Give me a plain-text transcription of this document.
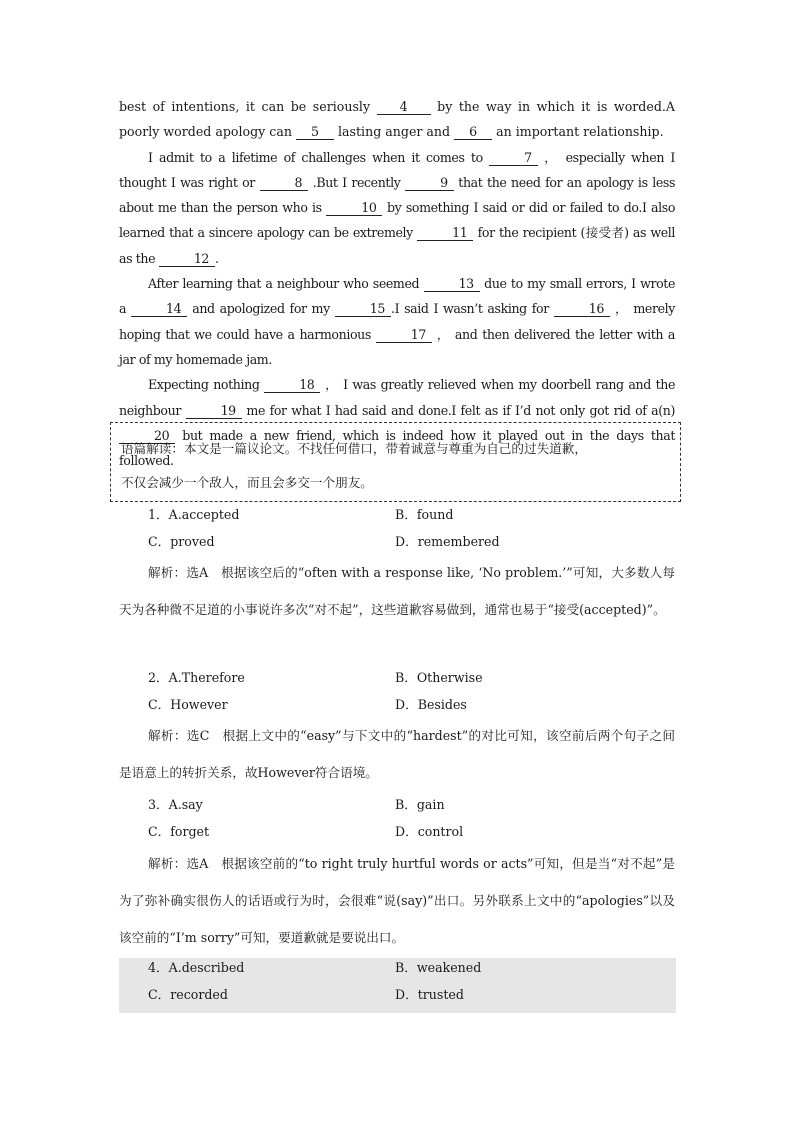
best of intentions, it can be seriously 4 by the way in which it is worded.A poorly worded apology can 5 lasting anger and 6 an important relationship.

I admit to a lifetime of challenges when it comes to	7 ， especially when I thought I was right or	8 .But I recently	9 that the need for an apology is less about me than the person who is	10 by something I said or did or failed to do.I also learned that a sincere apology can be extremely	11 for the recipient (接受者) as well as the	12 .

After learning that a neighbour who seemed	13 due to my small errors, I wrote a	14 and apologized for my	15 .I said I wasn’t asking for	16 ， merely hoping that we could have a harmonious	17 ， and then delivered the letter with a jar of my homemade jam.

Expecting nothing	18 ， I was greatly relieved when my doorbell rang and the neighbour	19 me for what I had said and done.I felt as if I’d not only got rid of a(n) 20 but made a new friend, which is indeed how it played out in the days that followed.

语篇解读：本文是一篇议论文。不找任何借口，带着诚意与尊重为自己的过失道歉，
不仅会减少一个敌人，而且会多交一个朋友。
1．A.accepted	B．found
C．proved	D．remembered

解析：选A　根据该空后的“often with a response like, ‘No problem.’”可知，大多数人每天为各种微不足道的小事说许多次“对不起”，这些道歉容易做到，通常也易于“接受(accepted)”。

2．A.Therefore	B．Otherwise
C．However	D．Besides

解析：选C　根据上文中的“easy”与下文中的“hardest”的对比可知，该空前后两个句子之间是语意上的转折关系，故However符合语境。

3．A.say	B．gain
C．forget	D．control

解析：选A　根据该空前的“to right truly hurtful words or acts”可知，但是当“对不起”是为了弥补确实很伤人的话语或行为时，会很难“说(say)”出口。另外联系上文中的“apologies”以及该空前的“I’m sorry”可知，要道歉就是要说出口。

4．A.described	B．weakened
C．recorded	D．trusted
